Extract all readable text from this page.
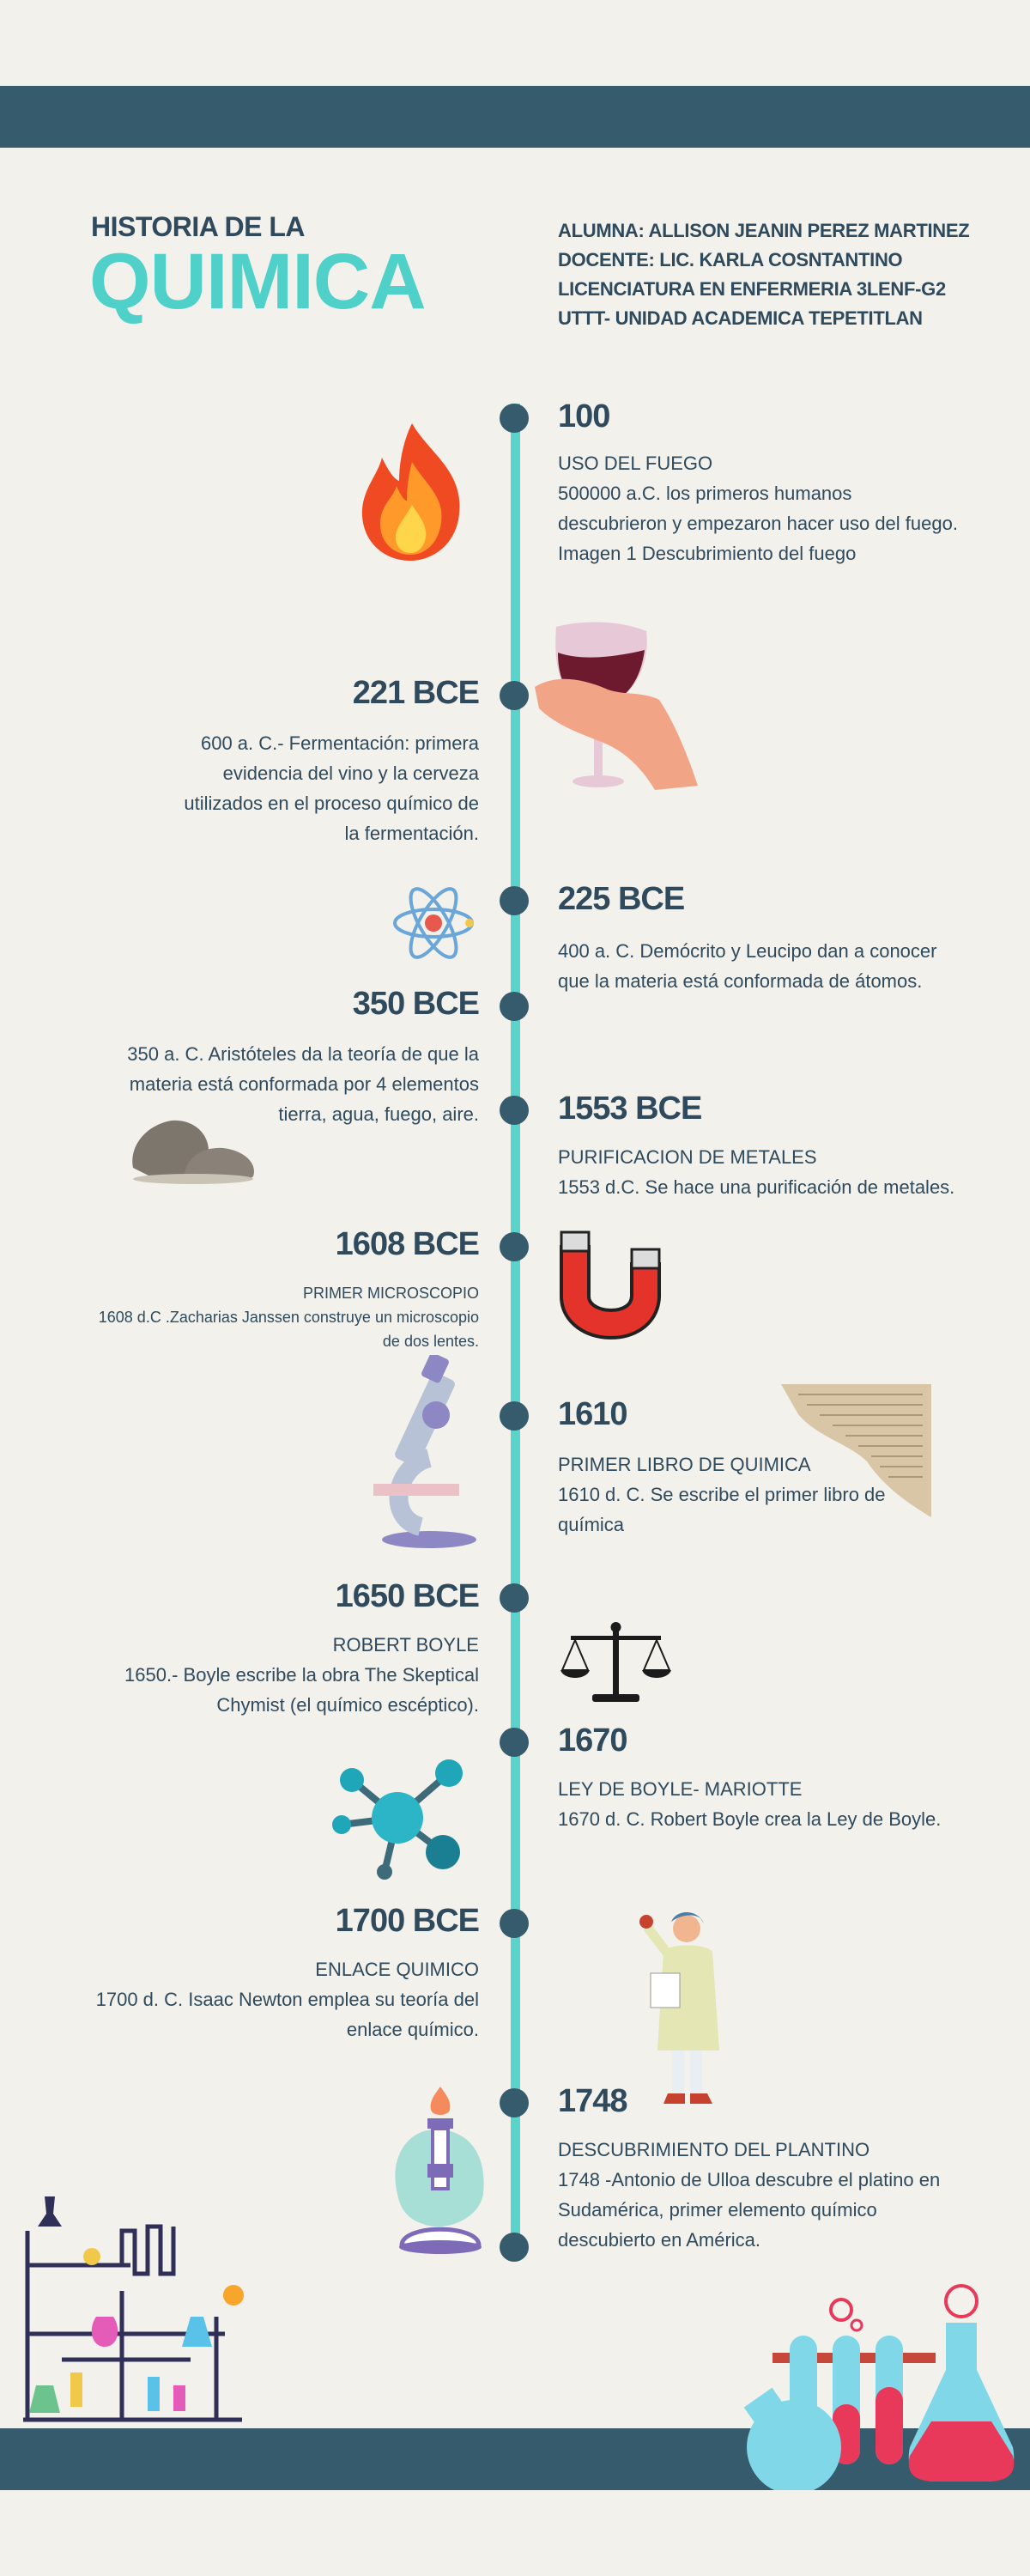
HISTORIA DE LA
QUIMICA
ALUMNA: ALLISON JEANIN PEREZ MARTINEZ
DOCENTE: LIC. KARLA COSNTANTINO
LICENCIATURA EN ENFERMERIA 3LENF-G2
UTTT- UNIDAD ACADEMICA TEPETITLAN
100
USO DEL FUEGO
500000 a.C. los primeros humanos
descubrieron y empezaron hacer uso del fuego.
Imagen 1 Descubrimiento del fuego
221 BCE
600 a. C.- Fermentación: primera
evidencia del vino y la cerveza
utilizados en el proceso químico de
la fermentación.
225 BCE
400 a. C. Demócrito y Leucipo dan a conocer
que la materia está conformada de átomos.
350 BCE
350 a. C. Aristóteles da la teoría de que la
materia está conformada por 4 elementos
tierra, agua, fuego, aire. 1553 BCE
PURIFICACION DE METALES
1553 d.C. Se hace una purificación de metales.
1608 BCE
PRIMER MICROSCOPIO
1608 d.C .Zacharias Janssen construye un microscopio
de dos lentes.
1610
PRIMER LIBRO DE QUIMICA
1610 d. C. Se escribe el primer libro de
química
1650 BCE
ROBERT BOYLE
1650.- Boyle escribe la obra The Skeptical
Chymist (el químico escéptico).
1670
LEY DE BOYLE- MARIOTTE
1670 d. C. Robert Boyle crea la Ley de Boyle.
1700 BCE
ENLACE QUIMICO
1700 d. C. Isaac Newton emplea su teoría del
enlace químico.
1748
DESCUBRIMIENTO DEL PLANTINO
1748 -Antonio de Ulloa descubre el platino en
Sudamérica, primer elemento químico
descubierto en América.
